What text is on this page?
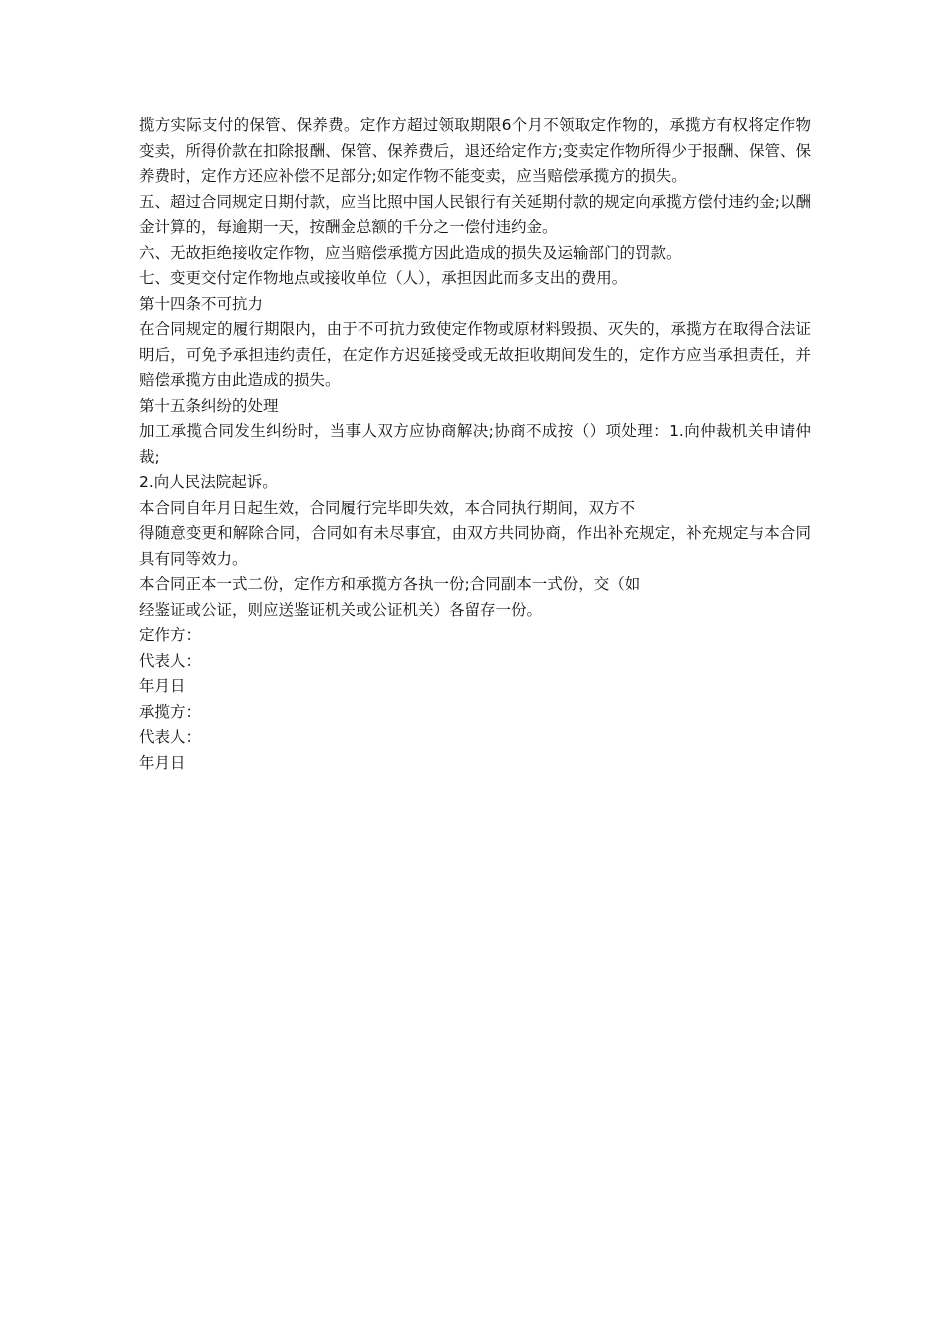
揽方实际支付的保管、保养费。定作方超过领取期限6个月不领取定作物的，承揽方有权将定作物变卖，所得价款在扣除报酬、保管、保养费后，退还给定作方;变卖定作物所得少于报酬、保管、保养费时，定作方还应补偿不足部分;如定作物不能变卖，应当赔偿承揽方的损失。

五、超过合同规定日期付款，应当比照中国人民银行有关延期付款的规定向承揽方偿付违约金;以酬金计算的，每逾期一天，按酬金总额的千分之一偿付违约金。

六、无故拒绝接收定作物，应当赔偿承揽方因此造成的损失及运输部门的罚款。

七、变更交付定作物地点或接收单位（人），承担因此而多支出的费用。

第十四条不可抗力

在合同规定的履行期限内，由于不可抗力致使定作物或原材料毁损、灭失的，承揽方在取得合法证明后，可免予承担违约责任，在定作方迟延接受或无故拒收期间发生的，定作方应当承担责任，并赔偿承揽方由此造成的损失。

第十五条纠纷的处理

加工承揽合同发生纠纷时，当事人双方应协商解决;协商不成按（）项处理：1.向仲裁机关申请仲裁;

2.向人民法院起诉。

本合同自年月日起生效，合同履行完毕即失效，本合同执行期间，双方不

得随意变更和解除合同，合同如有未尽事宜，由双方共同协商，作出补充规定，补充规定与本合同具有同等效力。

本合同正本一式二份，定作方和承揽方各执一份;合同副本一式份，交（如

经鉴证或公证，则应送鉴证机关或公证机关）各留存一份。

定作方：

代表人：

年月日

承揽方：

代表人：

年月日
